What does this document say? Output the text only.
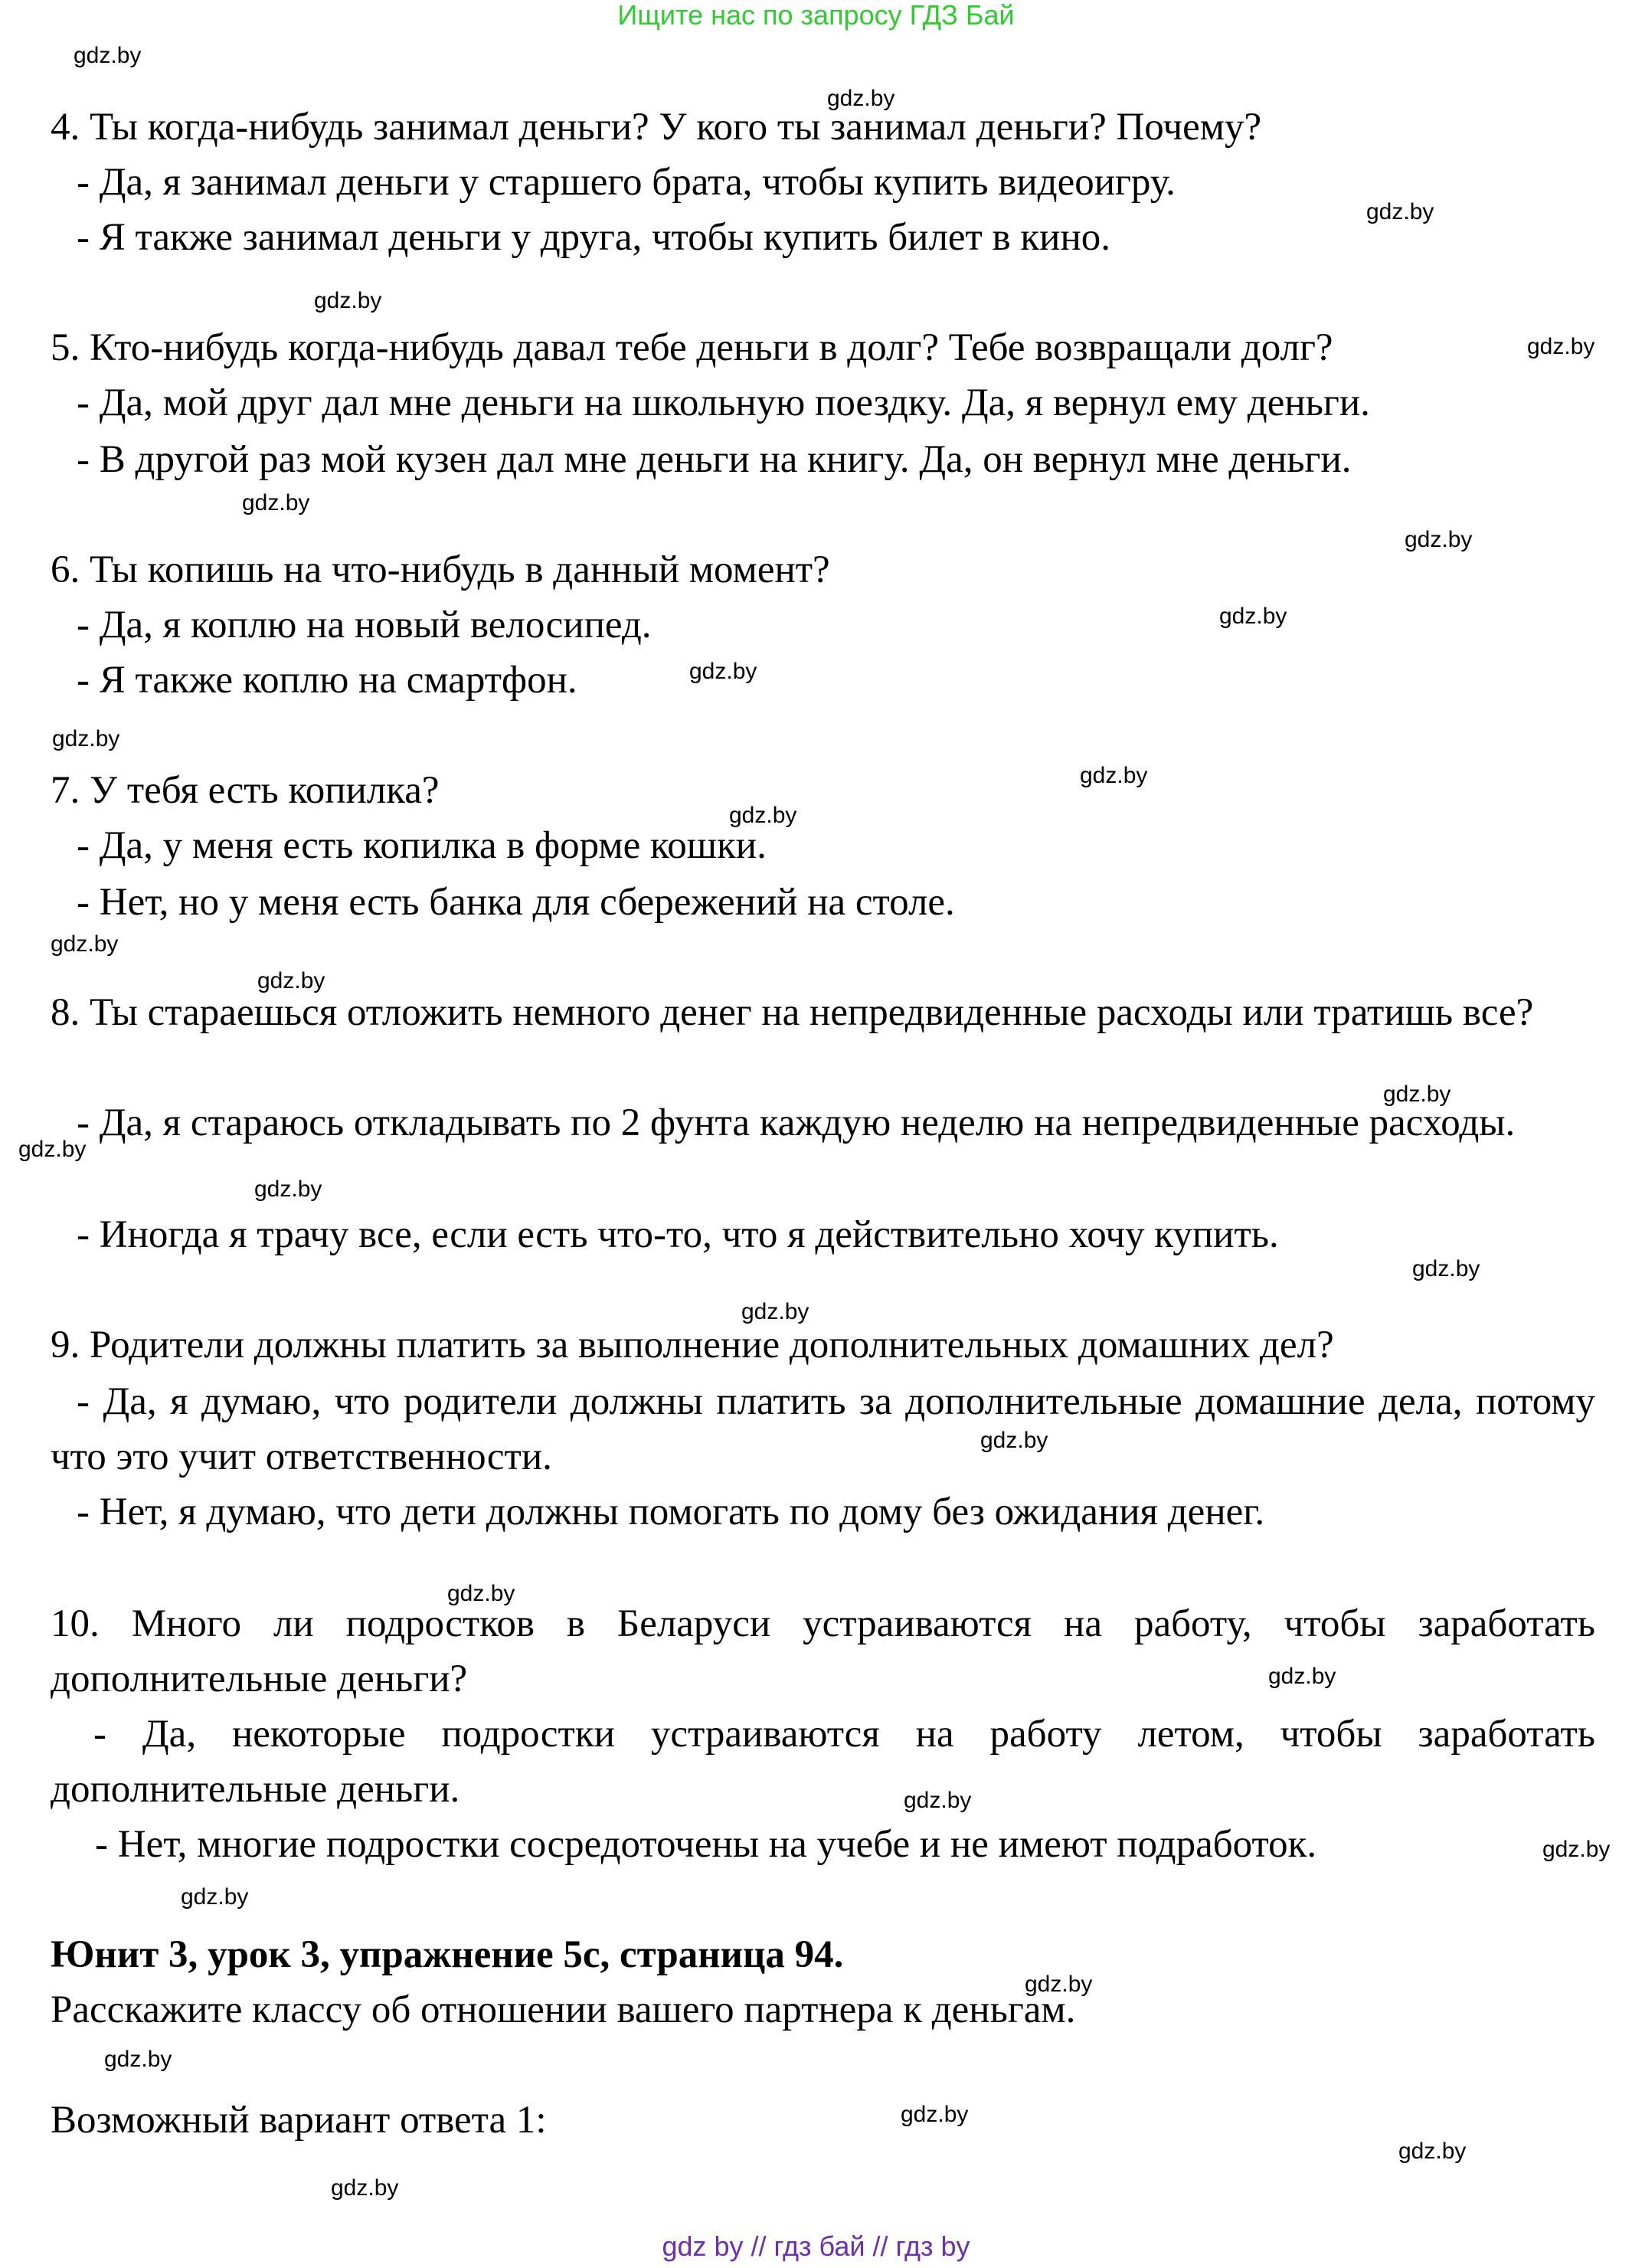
Ищите нас по запросу ГДЗ Бай
4. Ты когда-нибудь занимал деньги? У кого ты занимал деньги? Почему?
- Да, я занимал деньги у старшего брата, чтобы купить видеоигру.
- Я также занимал деньги у друга, чтобы купить билет в кино.
5. Кто-нибудь когда-нибудь давал тебе деньги в долг? Тебе возвращали долг?
- Да, мой друг дал мне деньги на школьную поездку. Да, я вернул ему деньги.
- В другой раз мой кузен дал мне деньги на книгу. Да, он вернул мне деньги.
6. Ты копишь на что-нибудь в данный момент?
- Да, я коплю на новый велосипед.
- Я также коплю на смартфон.
7. У тебя есть копилка?
- Да, у меня есть копилка в форме кошки.
- Нет, но у меня есть банка для сбережений на столе.
8. Ты стараешься отложить немного денег на непредвиденные расходы или тратишь все?
- Да, я стараюсь откладывать по 2 фунта каждую неделю на непредвиденные расходы.
- Иногда я трачу все, если есть что-то, что я действительно хочу купить.
9. Родители должны платить за выполнение дополнительных домашних дел?
- Да, я думаю, что родители должны платить за дополнительные домашние дела, потому что это учит ответственности.
- Нет, я думаю, что дети должны помогать по дому без ожидания денег.
10. Много ли подростков в Беларуси устраиваются на работу, чтобы заработать дополнительные деньги?
- Да, некоторые подростки устраиваются на работу летом, чтобы заработать дополнительные деньги.
- Нет, многие подростки сосредоточены на учебе и не имеют подработок.
Юнит 3, урок 3, упражнение 5с, страница 94.
Расскажите классу об отношении вашего партнера к деньгам.
Возможный вариант ответа 1:
gdz.by
gdz.by
gdz.by
gdz.by
gdz.by
gdz.by
gdz.by
gdz.by
gdz.by
gdz.by
gdz.by
gdz.by
gdz.by
gdz.by
gdz.by
gdz.by
gdz.by
gdz.by
gdz.by
gdz.by
gdz.by
gdz.by
gdz.by
gdz.by
gdz.by
gdz.by
gdz.by
gdz.by
gdz.by
gdz.by
gdz by // гдз бай // гдз by
